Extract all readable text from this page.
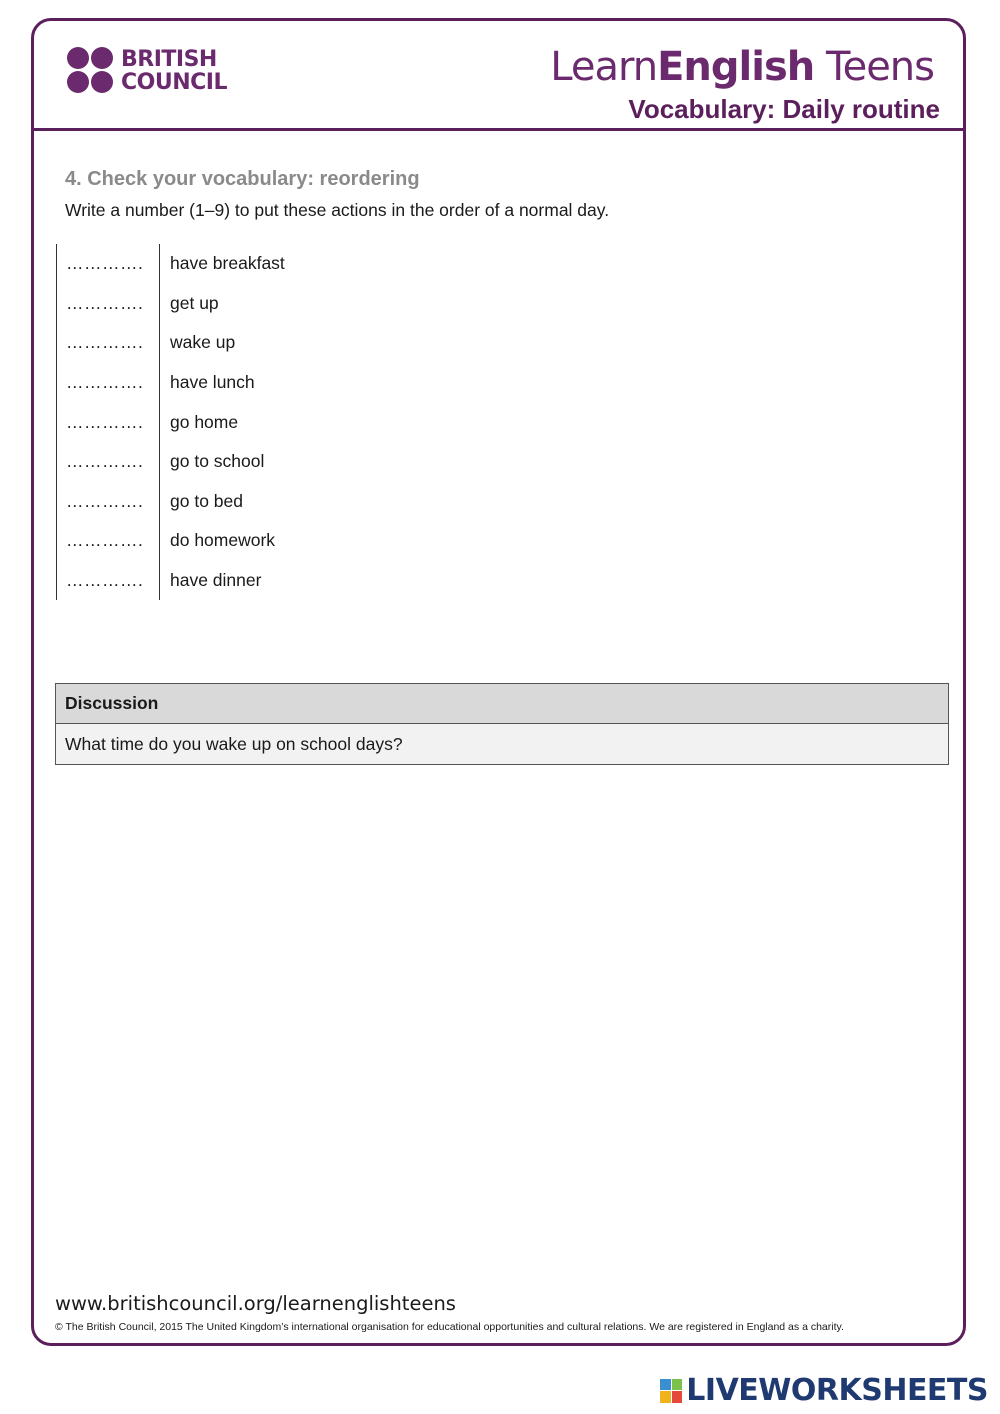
BRITISH
COUNCIL	LearnEnglish Teens
Vocabulary: Daily routine
4. Check your vocabulary: reordering
Write a number (1–9) to put these actions in the order of a normal day.
………….	have breakfast
………….	get up
………….	wake up
………….	have lunch
………….	go home
………….	go to school
………….	go to bed
………….	do homework
………….	have dinner
Discussion
What time do you wake up on school days?
www.britishcouncil.org/learnenglishteens
© The British Council, 2015 The United Kingdom’s international organisation for educational opportunities and cultural relations. We are registered in England as a charity.
LIVEWORKSHEETS
